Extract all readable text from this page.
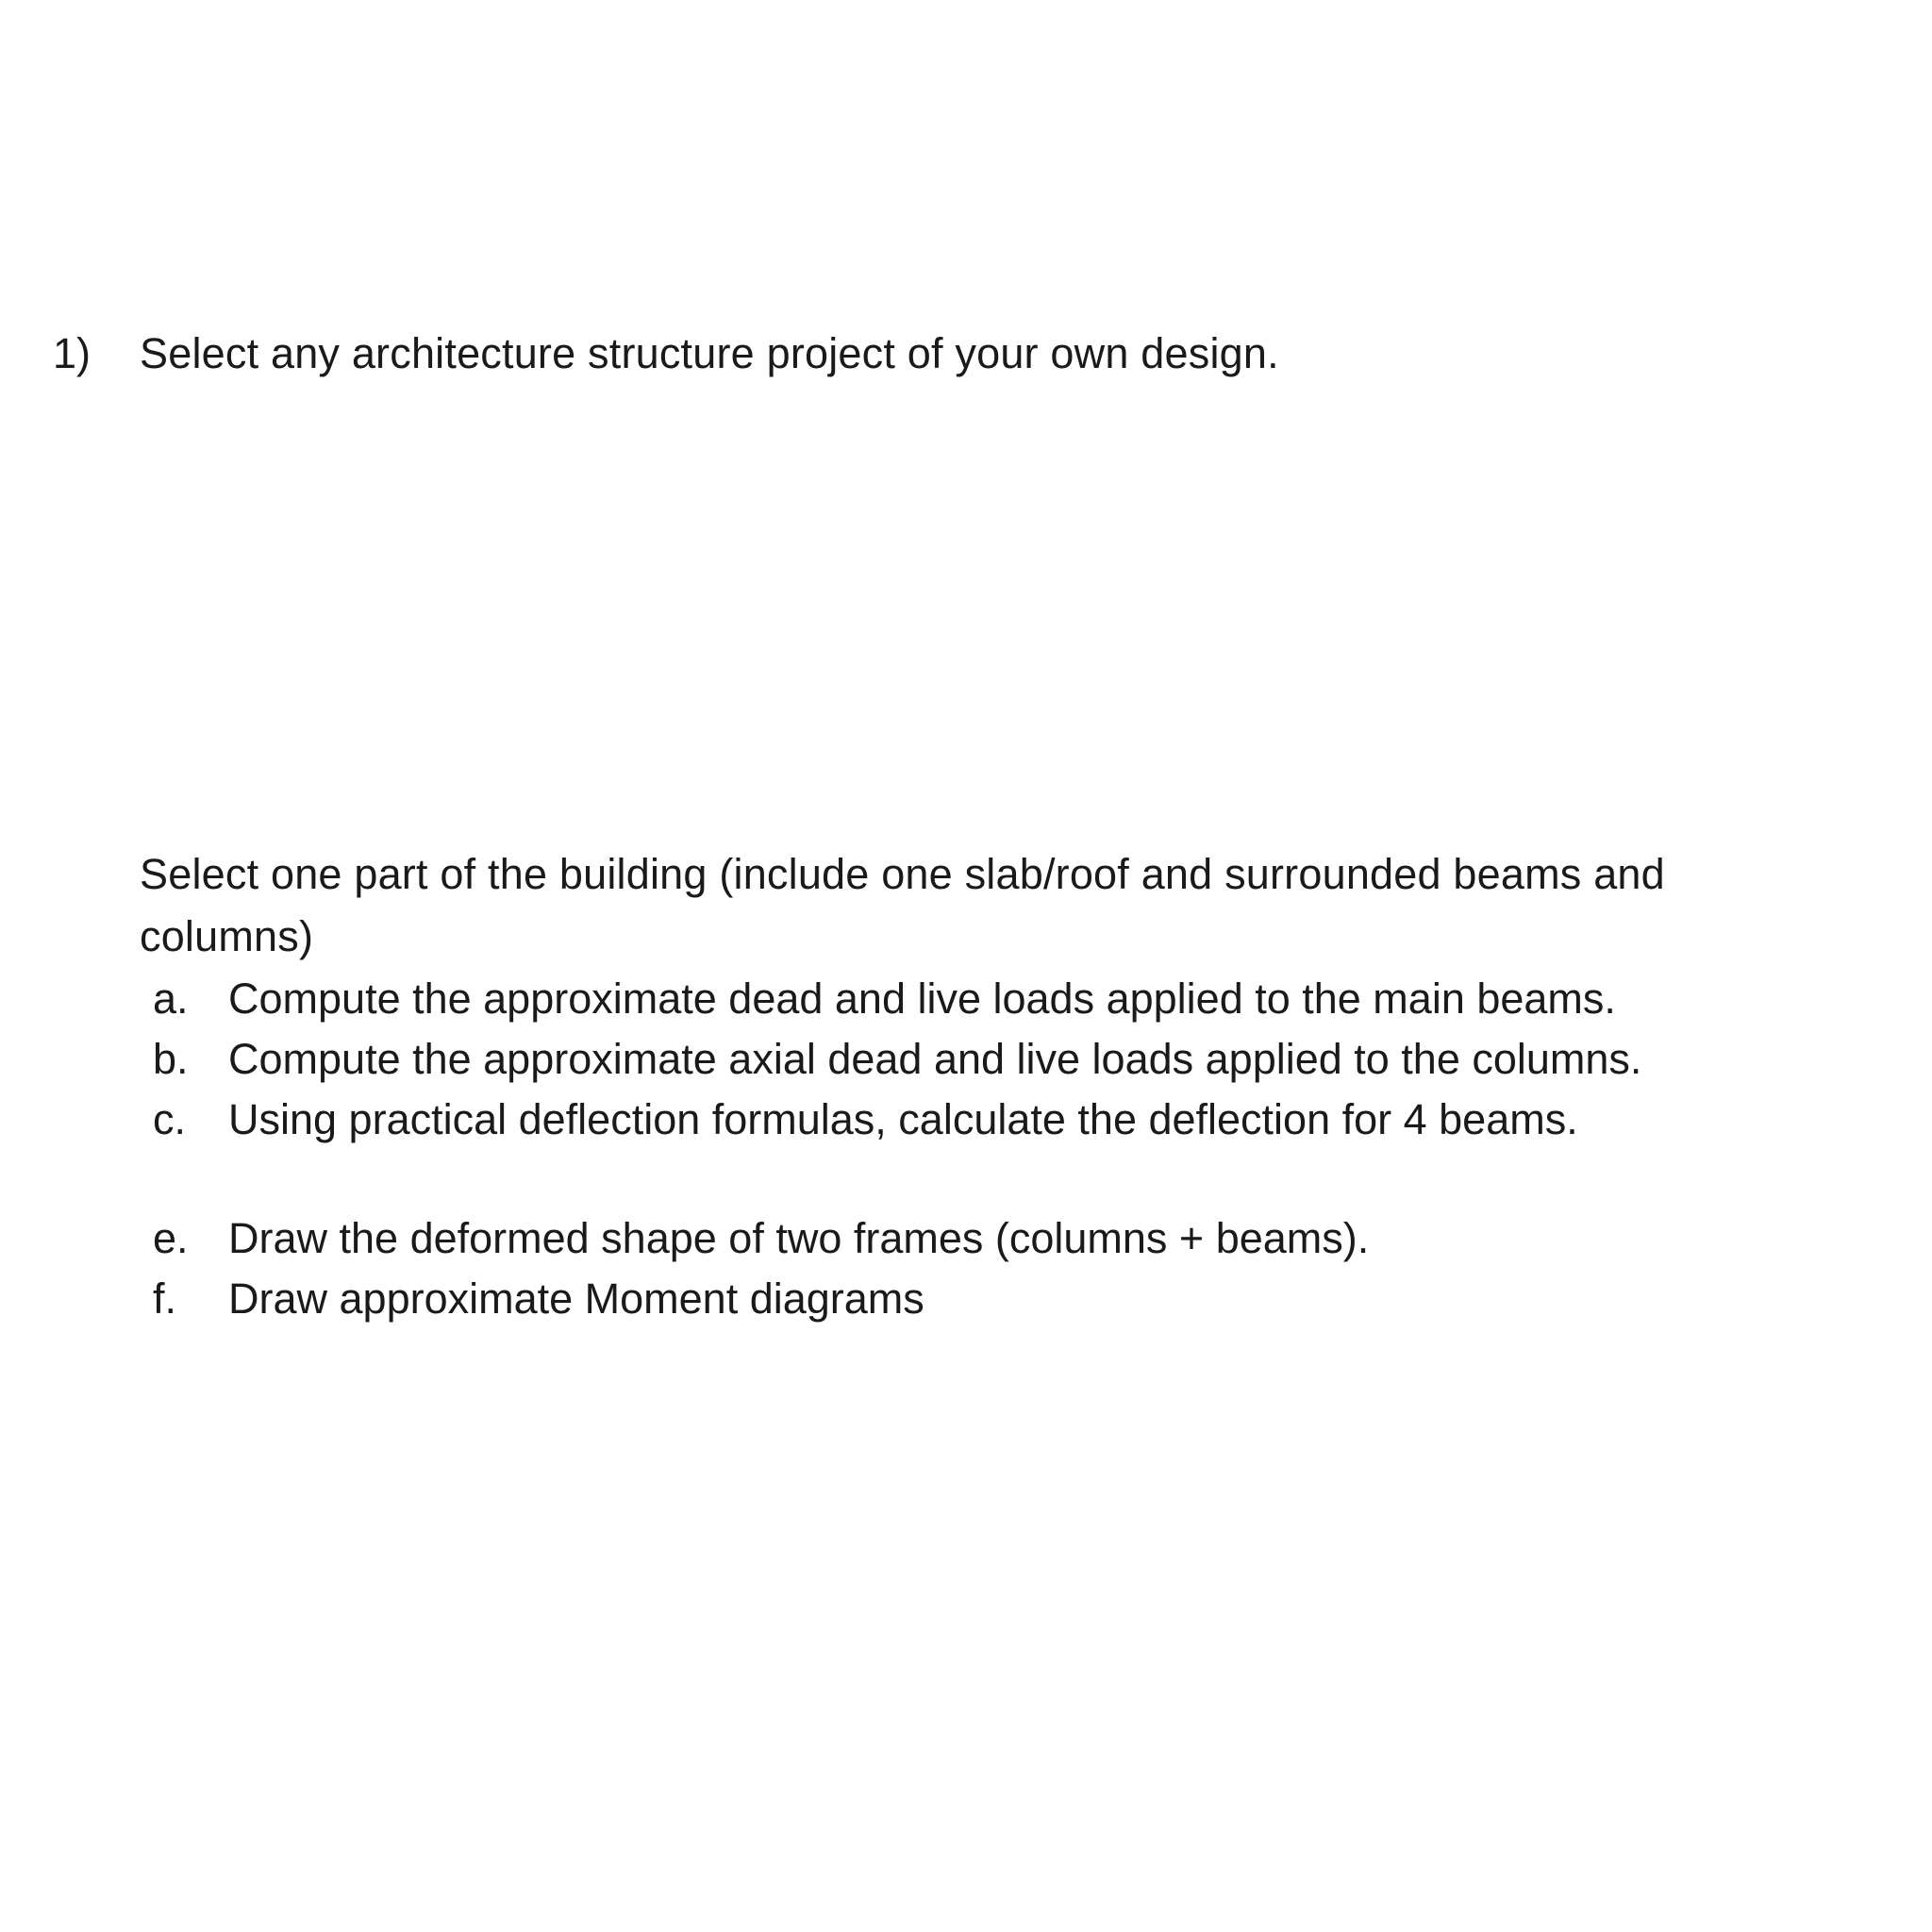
1) Select any architecture structure project of your own design.
Select one part of the building (include one slab/roof and surrounded beams and
columns)
a. Compute the approximate dead and live loads applied to the main beams.
b. Compute the approximate axial dead and live loads applied to the columns.
c. Using practical deflection formulas, calculate the deflection for 4 beams.
e. Draw the deformed shape of two frames (columns + beams).
f. Draw approximate Moment diagrams
